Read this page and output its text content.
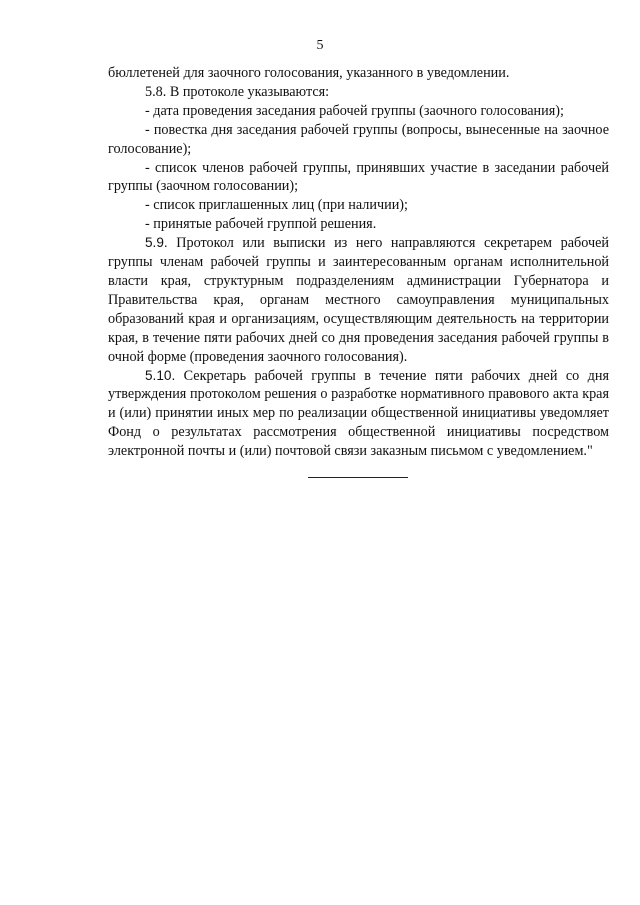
5

бюллетеней для заочного голосования, указанного в уведомлении.

5.8. В протоколе указываются:

- дата проведения заседания рабочей группы (заочного голосования);

- повестка дня заседания рабочей группы (вопросы, вынесенные на заочное голосование);

- список членов рабочей группы, принявших участие в заседании рабочей группы (заочном голосовании);

- список приглашенных лиц (при наличии);

- принятые рабочей группой решения.

5.9. Протокол или выписки из него направляются секретарем рабочей группы членам рабочей группы и заинтересованным органам исполнительной власти края, структурным подразделениям администрации Губернатора и Правительства края, органам местного самоуправления муниципальных образований края и организациям, осуществляющим деятельность на территории края, в течение пяти рабочих дней со дня проведения заседания рабочей группы в очной форме (проведения заочного голосования).

5.10. Секретарь рабочей группы в течение пяти рабочих дней со дня утверждения протоколом решения о разработке нормативного правового акта края и (или) принятии иных мер по реализации общественной инициативы уведомляет Фонд о результатах рассмотрения общественной инициативы посредством электронной почты и (или) почтовой связи заказным письмом с уведомлением."
